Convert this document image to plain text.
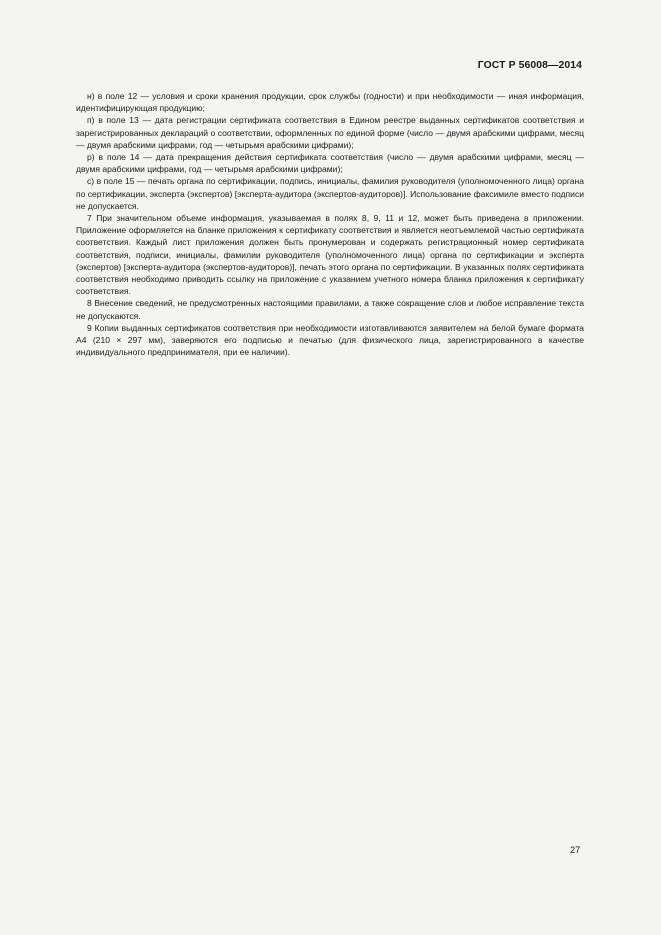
ГОСТ Р 56008—2014

н) в поле 12 — условия и сроки хранения продукции, срок службы (годности) и при необходимости — иная информация, идентифицирующая продукцию;

п) в поле 13 — дата регистрации сертификата соответствия в Едином реестре выданных сертификатов соответствия и зарегистрированных деклараций о соответствии, оформленных по единой форме (число — двумя арабскими цифрами, месяц — двумя арабскими цифрами, год — четырьмя арабскими цифрами);

р) в поле 14 — дата прекращения действия сертификата соответствия (число — двумя арабскими цифрами, месяц — двумя арабскими цифрами, год — четырьмя арабскими цифрами);

с) в поле 15 — печать органа по сертификации, подпись, инициалы, фамилия руководителя (уполномоченного лица) органа по сертификации, эксперта (экспертов) [эксперта-аудитора (экспертов-аудиторов)]. Использование факсимиле вместо подписи не допускается.

7 При значительном объеме информация, указываемая в полях 8, 9, 11 и 12, может быть приведена в приложении. Приложение оформляется на бланке приложения к сертификату соответствия и является неотъемлемой частью сертификата соответствия. Каждый лист приложения должен быть пронумерован и содержать регистрационный номер сертификата соответствия, подписи, инициалы, фамилии руководителя (уполномоченного лица) органа по сертификации и эксперта (экспертов) [эксперта-аудитора (экспертов-аудиторов)], печать этого органа по сертификации. В указанных полях сертификата соответствия необходимо приводить ссылку на приложение с указанием учетного номера бланка приложения к сертификату соответствия.

8 Внесение сведений, не предусмотренных настоящими правилами, а также сокращение слов и любое исправление текста не допускаются.

9 Копии выданных сертификатов соответствия при необходимости изготавливаются заявителем на белой бумаге формата А4 (210 × 297 мм), заверяются его подписью и печатью (для физического лица, зарегистрированного в качестве индивидуального предпринимателя, при ее наличии).

27
